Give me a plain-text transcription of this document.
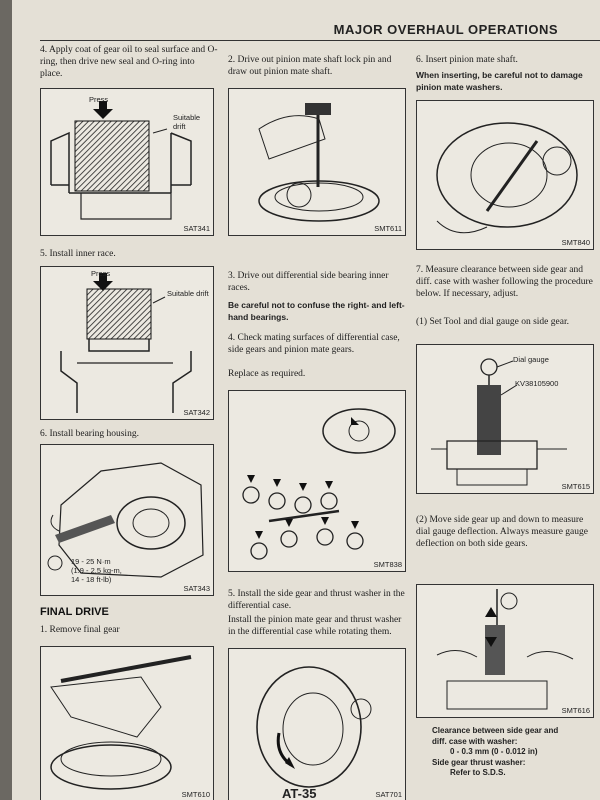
MAJOR OVERHAUL OPERATIONS
4. Apply coat of gear oil to seal surface and O-ring, then drive new seal and O-ring into place.
Press
Suitable drift
SAT341
5. Install inner race.
Press
Suitable drift
SAT342
6. Install bearing housing.
19 - 25 N·m
(1.9 - 2.5 kg-m,
14 - 18 ft-lb)
SAT343
FINAL DRIVE
1. Remove final gear
SMT610
2. Drive out pinion mate shaft lock pin and draw out pinion mate shaft.
SMT611
3. Drive out differential side bearing inner races.
Be careful not to confuse the right- and left-hand bearings.
4. Check mating surfaces of differential case, side gears and pinion mate gears.
Replace as required.
SMT838
5. Install the side gear and thrust washer in the differential case.
Install the pinion mate gear and thrust washer in the differential case while rotating them.
SAT701
6. Insert pinion mate shaft.
When inserting, be careful not to damage pinion mate washers.
SMT840
7. Measure clearance between side gear and diff. case with washer following the procedure below. If necessary, adjust.
(1) Set Tool and dial gauge on side gear.
Dial gauge
KV38105900
SMT615
(2) Move side gear up and down to measure dial gauge deflection. Always measure gauge deflection on both side gears.
SMT616
Clearance between side gear and
diff. case with washer:
0 - 0.3 mm (0 - 0.012 in)
Side gear thrust washer:
Refer to S.D.S.
AT-35
